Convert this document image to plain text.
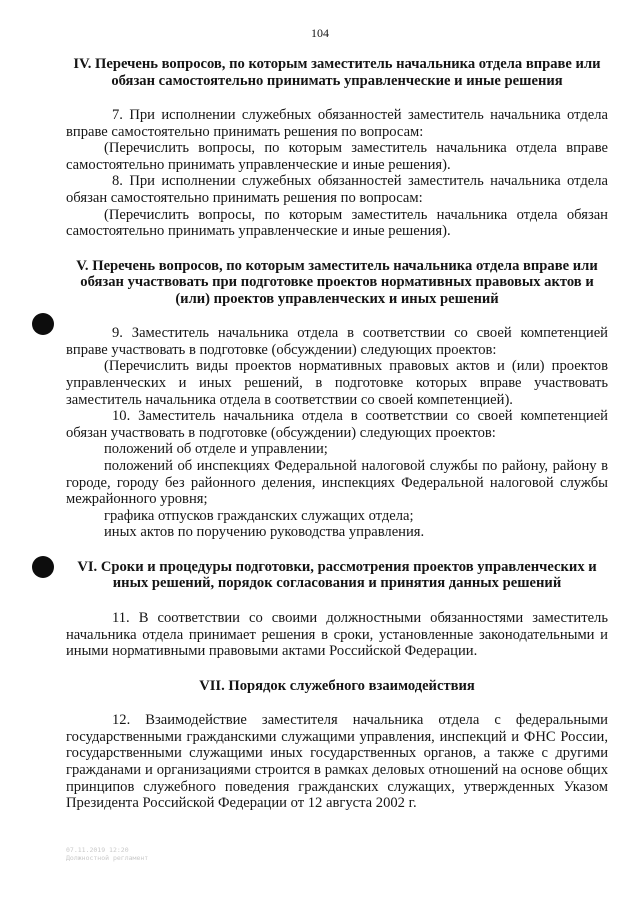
104

IV. Перечень вопросов, по которым заместитель начальника отдела вправе или обязан самостоятельно принимать управленческие и иные решения

7. При исполнении служебных обязанностей заместитель начальника отдела вправе самостоятельно принимать решения по вопросам:

(Перечислить вопросы, по которым заместитель начальника отдела вправе самостоятельно принимать управленческие и иные решения).

8. При исполнении служебных обязанностей заместитель начальника отдела обязан самостоятельно принимать решения по вопросам:

(Перечислить вопросы, по которым заместитель начальника отдела обязан самостоятельно принимать управленческие и иные решения).

V. Перечень вопросов, по которым заместитель начальника отдела вправе или обязан участвовать при подготовке проектов нормативных правовых актов и (или) проектов управленческих и иных решений

9. Заместитель начальника отдела в соответствии со своей компетенцией вправе участвовать в подготовке (обсуждении) следующих проектов:

(Перечислить виды проектов нормативных правовых актов и (или) проектов управленческих и иных решений, в подготовке которых вправе участвовать заместитель начальника отдела в соответствии со своей компетенцией).

10. Заместитель начальника отдела в соответствии со своей компетенцией обязан участвовать в подготовке (обсуждении) следующих проектов:

положений об отделе и управлении;

положений об инспекциях Федеральной налоговой службы по району, району в городе, городу без районного деления, инспекциях Федеральной налоговой службы межрайонного уровня;

графика отпусков гражданских служащих отдела;

иных актов по поручению руководства управления.

VI. Сроки и процедуры подготовки, рассмотрения проектов управленческих и иных решений, порядок согласования и принятия данных решений

11. В соответствии со своими должностными обязанностями заместитель начальника отдела принимает решения в сроки, установленные законодательными и иными нормативными правовыми актами Российской Федерации.

VII. Порядок служебного взаимодействия

12. Взаимодействие заместителя начальника отдела с федеральными государственными гражданскими служащими управления, инспекций и ФНС России, государственными служащими иных государственных органов, а также с другими гражданами и организациями строится в рамках деловых отношений на основе общих принципов служебного поведения гражданских служащих, утвержденных Указом Президента Российской Федерации от 12 августа 2002 г.

07.11.2019 12:20
Должностной регламент
